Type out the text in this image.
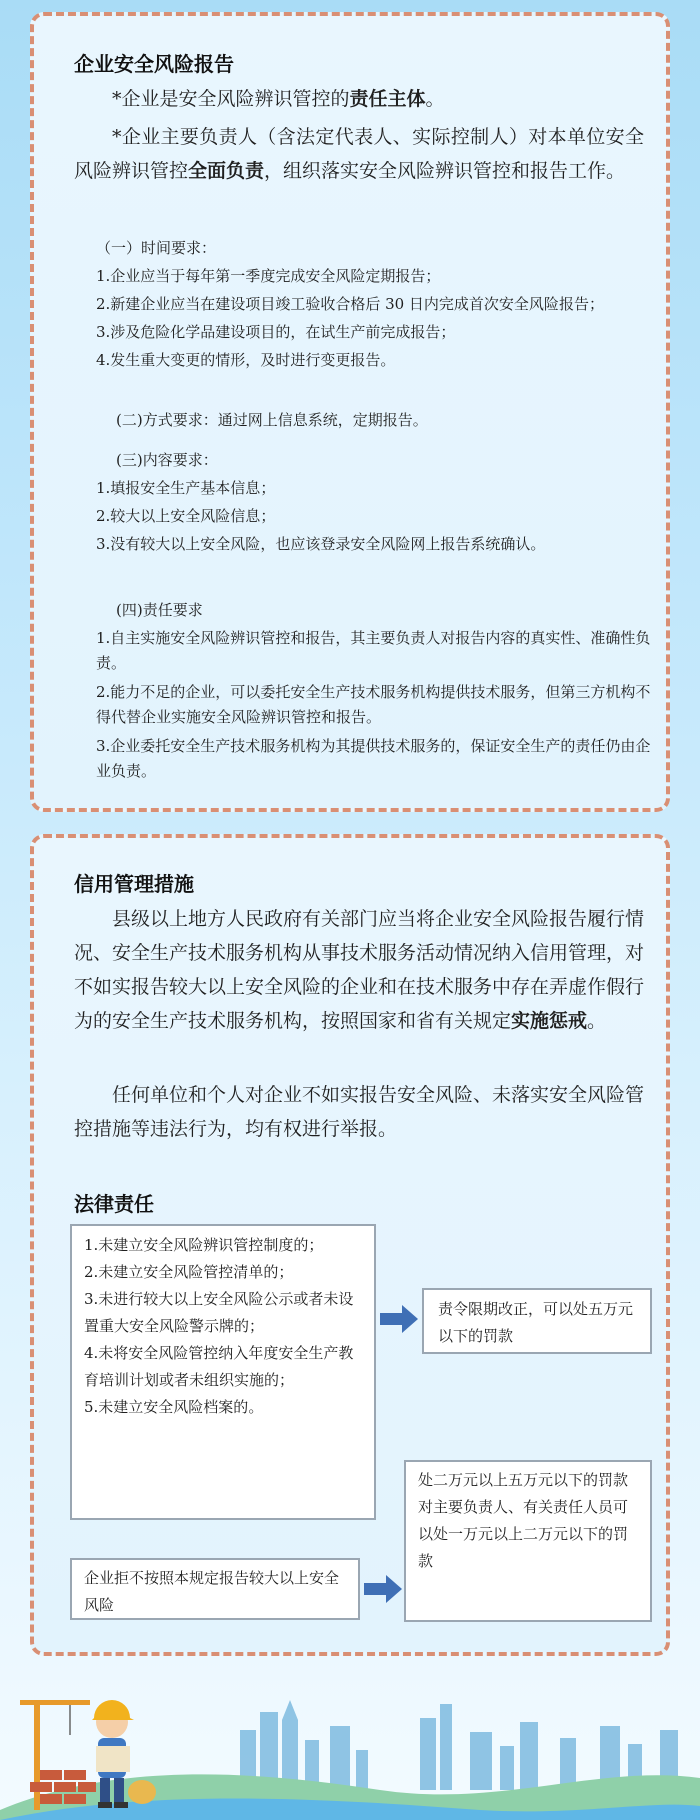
企业安全风险报告
*企业是安全风险辨识管控的责任主体。
*企业主要负责人（含法定代表人、实际控制人）对本单位安全风险辨识管控全面负责，组织落实安全风险辨识管控和报告工作。
（一）时间要求：
1.企业应当于每年第一季度完成安全风险定期报告；
2.新建企业应当在建设项目竣工验收合格后 30 日内完成首次安全风险报告；
3.涉及危险化学品建设项目的，在试生产前完成报告；
4.发生重大变更的情形，及时进行变更报告。
(二)方式要求：通过网上信息系统，定期报告。
(三)内容要求：
1.填报安全生产基本信息；
2.较大以上安全风险信息；
3.没有较大以上安全风险，也应该登录安全风险网上报告系统确认。
(四)责任要求
1.自主实施安全风险辨识管控和报告，其主要负责人对报告内容的真实性、准确性负责。
2.能力不足的企业，可以委托安全生产技术服务机构提供技术服务，但第三方机构不得代替企业实施安全风险辨识管控和报告。
3.企业委托安全生产技术服务机构为其提供技术服务的，保证安全生产的责任仍由企业负责。
信用管理措施
县级以上地方人民政府有关部门应当将企业安全风险报告履行情况、安全生产技术服务机构从事技术服务活动情况纳入信用管理，对不如实报告较大以上安全风险的企业和在技术服务中存在弄虚作假行为的安全生产技术服务机构，按照国家和省有关规定实施惩戒。
任何单位和个人对企业不如实报告安全风险、未落实安全风险管控措施等违法行为，均有权进行举报。
法律责任
1.未建立安全风险辨识管控制度的；
2.未建立安全风险管控清单的；
3.未进行较大以上安全风险公示或者未设置重大安全风险警示牌的；
4.未将安全风险管控纳入年度安全生产教育培训计划或者未组织实施的；
5.未建立安全风险档案的。
责令限期改正，可以处五万元以下的罚款
企业拒不按照本规定报告较大以上安全风险
处二万元以上五万元以下的罚款
对主要负责人、有关责任人员可以处一万元以上二万元以下的罚款
